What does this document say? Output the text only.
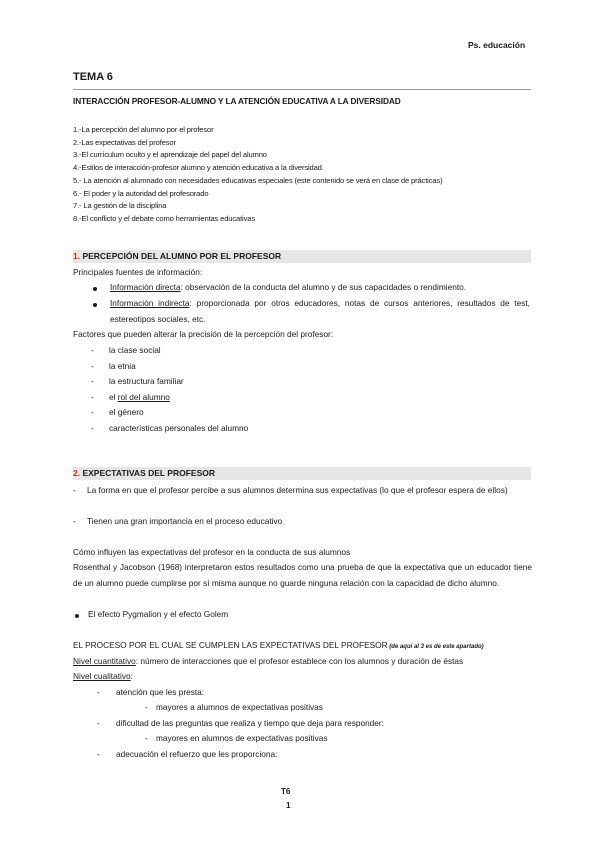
Ps. educación
TEMA 6
INTERACCIÓN PROFESOR-ALUMNO Y LA ATENCIÓN EDUCATIVA A LA DIVERSIDAD
1.-La percepción del alumno por el profesor
2.-Las expectativas del profesor
3.-El currículum oculto y el aprendizaje del papel del alumno
4.-Estilos de interacción-profesor alumno y atención educativa a la diversidad.
5.- La atención al alumnado con necesidades educativas especiales (este contenido se verá en clase de prácticas)
6.- El poder y la autoridad del profesorado
7.- La gestión de la disciplina
8.-El conflicto y el debate como herramientas educativas
1. PERCEPCIÓN DEL ALUMNO POR EL PROFESOR
Principales fuentes de información:
Información directa: observación de la conducta del alumno y de sus capacidades o rendimiento.
Información indirecta: proporcionada por otros educadores, notas de cursos anteriores, resultados de test, estereotipos sociales, etc.
Factores que pueden alterar la precisión de la percepción del profesor:
- la clase social
- la etnia
- la estructura familiar
- el rol del alumno
- el género
- características personales del alumno
2. EXPECTATIVAS DEL PROFESOR
- La forma en que el profesor percibe a sus alumnos determina sus expectativas (lo que el profesor espera de ellos)
- Tienen una gran importancia en el proceso educativo
Cómo influyen las expectativas del profesor en la conducta de sus alumnos
Rosenthal y Jacobson (1968) interpretaron estos resultados como una prueba de que la expectativa que un educador tiene de un alumno puede cumplirse por sí misma aunque no guarde ninguna relación con la capacidad de dicho alumno.
El efecto Pygmalion y el efecto Golem
EL PROCESO POR EL CUAL SE CUMPLEN LAS EXPECTATIVAS DEL PROFESOR (de aquí al 3 es de este apartado)
Nivel cuantitativo: número de interacciones que el profesor establece con los alumnos y duración de éstas
Nivel cualitativo:
- atención que les presta:
- mayores a alumnos de expectativas positivas
- dificultad de las preguntas que realiza y tiempo que deja para responder:
- mayores en alumnos de expectativas positivas
- adecuación el refuerzo que les proporciona:
T6
1
